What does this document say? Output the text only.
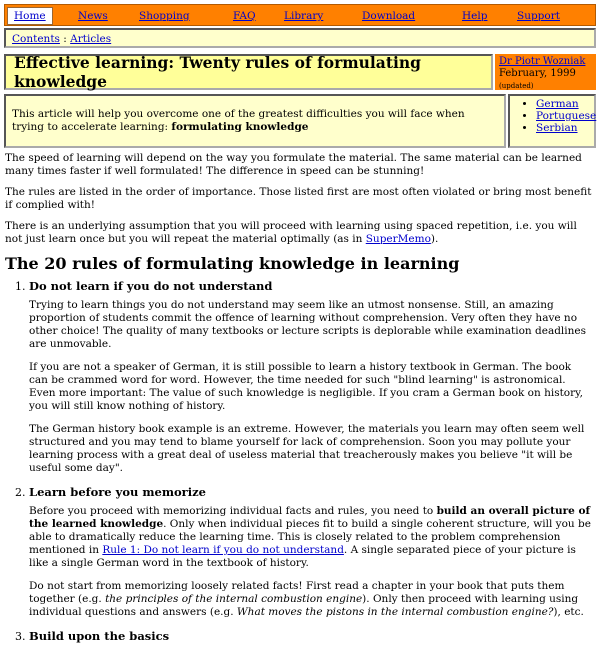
Home	News	Shopping	FAQ	Library	Download	Help	Support
Contents : Articles
Effective learning: Twenty rules of formulating knowledge
Dr Piotr Wozniak
February, 1999
(updated)
This article will help you overcome one of the greatest difficulties you will face when trying to accelerate learning: formulating knowledge
• German
• Portuguese
• Serbian

The speed of learning will depend on the way you formulate the material. The same material can be learned many times faster if well formulated! The difference in speed can be stunning!

The rules are listed in the order of importance. Those listed first are most often violated or bring most benefit if complied with!

There is an underlying assumption that you will proceed with learning using spaced repetition, i.e. you will not just learn once but you will repeat the material optimally (as in SuperMemo).

The 20 rules of formulating knowledge in learning
1. Do not learn if you do not understand

Trying to learn things you do not understand may seem like an utmost nonsense. Still, an amazing proportion of students commit the offence of learning without comprehension. Very often they have no other choice! The quality of many textbooks or lecture scripts is deplorable while examination deadlines are unmovable.

If you are not a speaker of German, it is still possible to learn a history textbook in German. The book can be crammed word for word. However, the time needed for such "blind learning" is astronomical. Even more important: The value of such knowledge is negligible. If you cram a German book on history, you will still know nothing of history.

The German history book example is an extreme. However, the materials you learn may often seem well structured and you may tend to blame yourself for lack of comprehension. Soon you may pollute your learning process with a great deal of useless material that treacherously makes you believe "it will be useful some day".

2. Learn before you memorize

Before you proceed with memorizing individual facts and rules, you need to build an overall picture of the learned knowledge. Only when individual pieces fit to build a single coherent structure, will you be able to dramatically reduce the learning time. This is closely related to the problem comprehension mentioned in Rule 1: Do not learn if you do not understand. A single separated piece of your picture is like a single German word in the textbook of history.

Do not start from memorizing loosely related facts! First read a chapter in your book that puts them together (e.g. the principles of the internal combustion engine). Only then proceed with learning using individual questions and answers (e.g. What moves the pistons in the internal combustion engine?), etc.

3. Build upon the basics
